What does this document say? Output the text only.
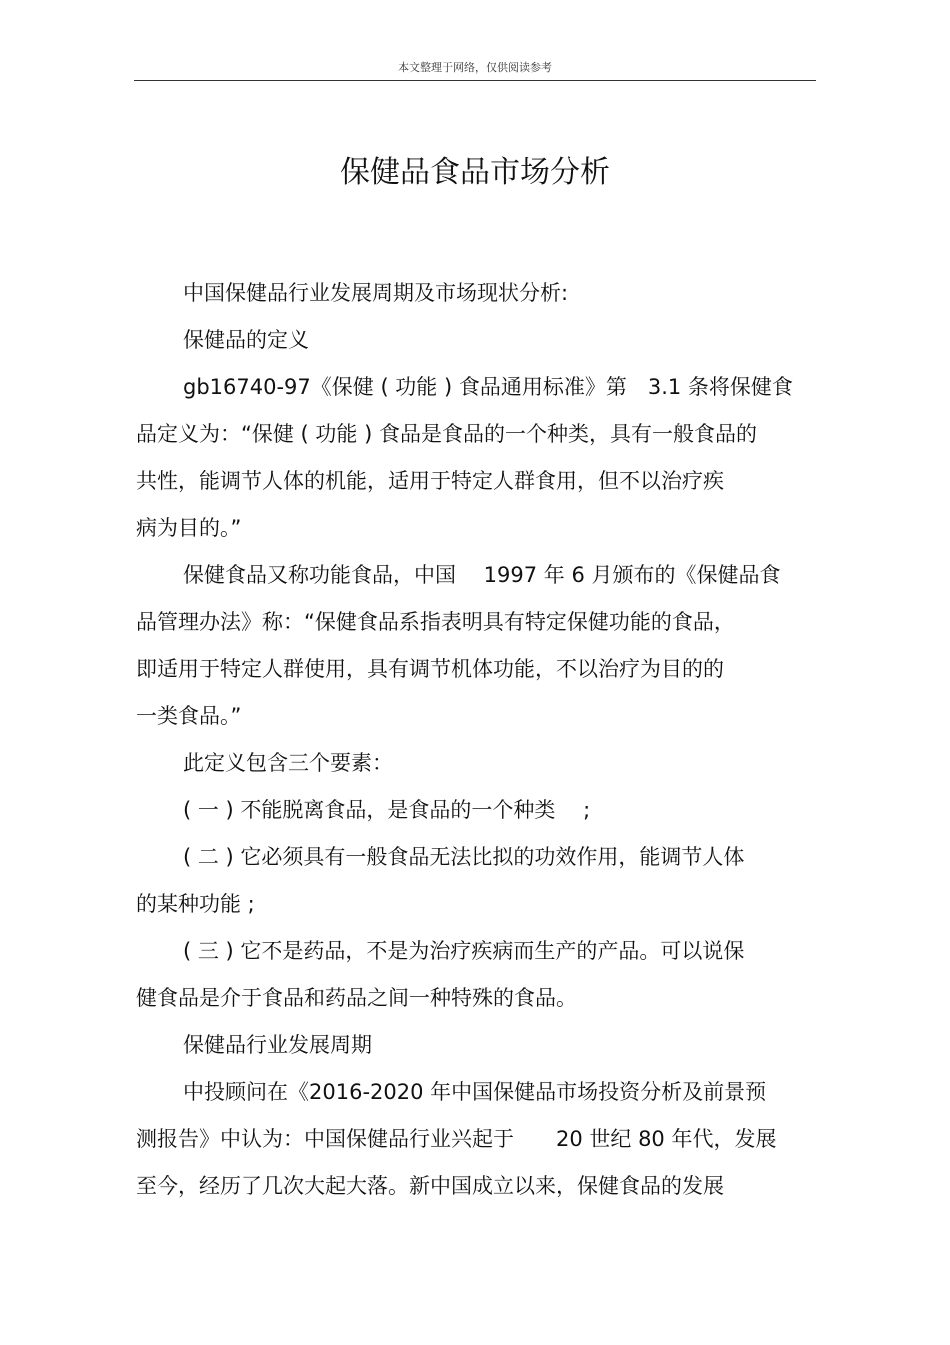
本文整理于网络，仅供阅读参考
保健品食品市场分析
中国保健品行业发展周期及市场现状分析:
保健品的定义
gb16740-97《保健 ( 功能 ) 食品通用标准》第　3.1 条将保健食
品定义为：“保健 ( 功能 ) 食品是食品的一个种类，具有一般食品的
共性，能调节人体的机能，适用于特定人群食用，但不以治疗疾
病为目的。”
保健食品又称功能食品，中国　 1997 年 6 月颁布的《保健品食
品管理办法》称：“保健食品系指表明具有特定保健功能的食品，
即适用于特定人群使用，具有调节机体功能，不以治疗为目的的
一类食品。”
此定义包含三个要素：
( 一 ) 不能脱离食品，是食品的一个种类　 ;
( 二 ) 它必须具有一般食品无法比拟的功效作用，能调节人体
的某种功能 ;
( 三 ) 它不是药品，不是为治疗疾病而生产的产品。可以说保
健食品是介于食品和药品之间一种特殊的食品。
保健品行业发展周期
中投顾问在《2016-2020 年中国保健品市场投资分析及前景预
测报告》中认为：中国保健品行业兴起于　　20 世纪 80 年代，发展
至今，经历了几次大起大落。新中国成立以来，保健食品的发展
